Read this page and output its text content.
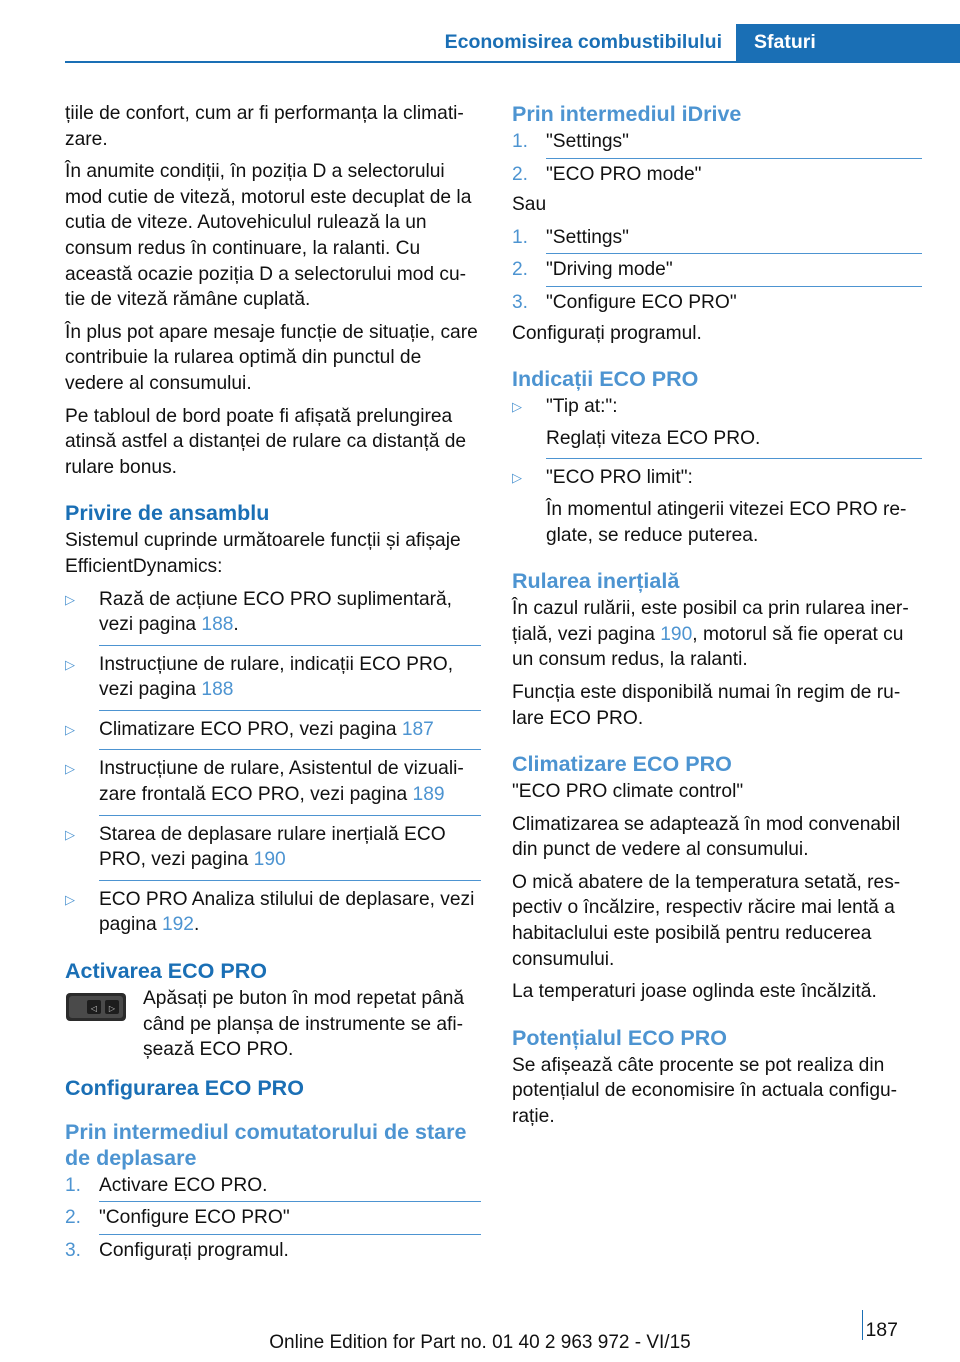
Economisirea combustibilului	Sfaturi

țiile de confort, cum ar fi performanța la climati‐zare.

În anumite condiții, în poziția D a selectorului mod cutie de viteză, motorul este decuplat de la cutia de viteze. Autovehiculul rulează la un consum redus în continuare, la ralanti. Cu această ocazie poziția D a selectorului mod cu‐tie de viteză rămâne cuplată.

În plus pot apare mesaje funcție de situație, care contribuie la rularea optimă din punctul de vedere al consumului.

Pe tabloul de bord poate fi afișată prelungirea atinsă astfel a distanței de rulare ca distanță de rulare bonus.

Privire de ansamblu

Sistemul cuprinde următoarele funcții și afișaje EfficientDynamics:

▷ Rază de acțiune ECO PRO suplimentară, vezi pagina 188.
▷ Instrucțiune de rulare, indicații ECO PRO, vezi pagina 188
▷ Climatizare ECO PRO, vezi pagina 187
▷ Instrucțiune de rulare, Asistentul de vizuali‐zare frontală ECO PRO, vezi pagina 189
▷ Starea de deplasare rulare inerțială ECO PRO, vezi pagina 190
▷ ECO PRO Analiza stilului de deplasare, vezi pagina 192.
Activarea ECO PRO
◁ ▷	Apăsați pe buton în mod repetat până când pe planșa de instrumente se afi‐șează ECO PRO.

Configurarea ECO PRO
Prin intermediul comutatorului de stare de deplasare
1. Activare ECO PRO.
2. "Configure ECO PRO"
3. Configurați programul.
Prin intermediul iDrive
1. "Settings"
2. "ECO PRO mode"

Sau

1. "Settings"
2. "Driving mode"
3. "Configure ECO PRO"

Configurați programul.

Indicații ECO PRO
▷ "Tip at:":
Reglați viteza ECO PRO.
▷ "ECO PRO limit":
În momentul atingerii vitezei ECO PRO re‐glate, se reduce puterea.
Rularea inerțială

În cazul rulării, este posibil ca prin rularea iner‐țială, vezi pagina 190, motorul să fie operat cu un consum redus, la ralanti.

Funcția este disponibilă numai în regim de ru‐lare ECO PRO.

Climatizare ECO PRO

"ECO PRO climate control"

Climatizarea se adaptează în mod convenabil din punct de vedere al consumului.

O mică abatere de la temperatura setată, res‐pectiv o încălzire, respectiv răcire mai lentă a habitaclului este posibilă pentru reducerea consumului.

La temperaturi joase oglinda este încălzită.

Potențialul ECO PRO

Se afișează câte procente se pot realiza din potențialul de economisire în actuala configu‐rație.

187
Online Edition for Part no. 01 40 2 963 972 - VI/15
